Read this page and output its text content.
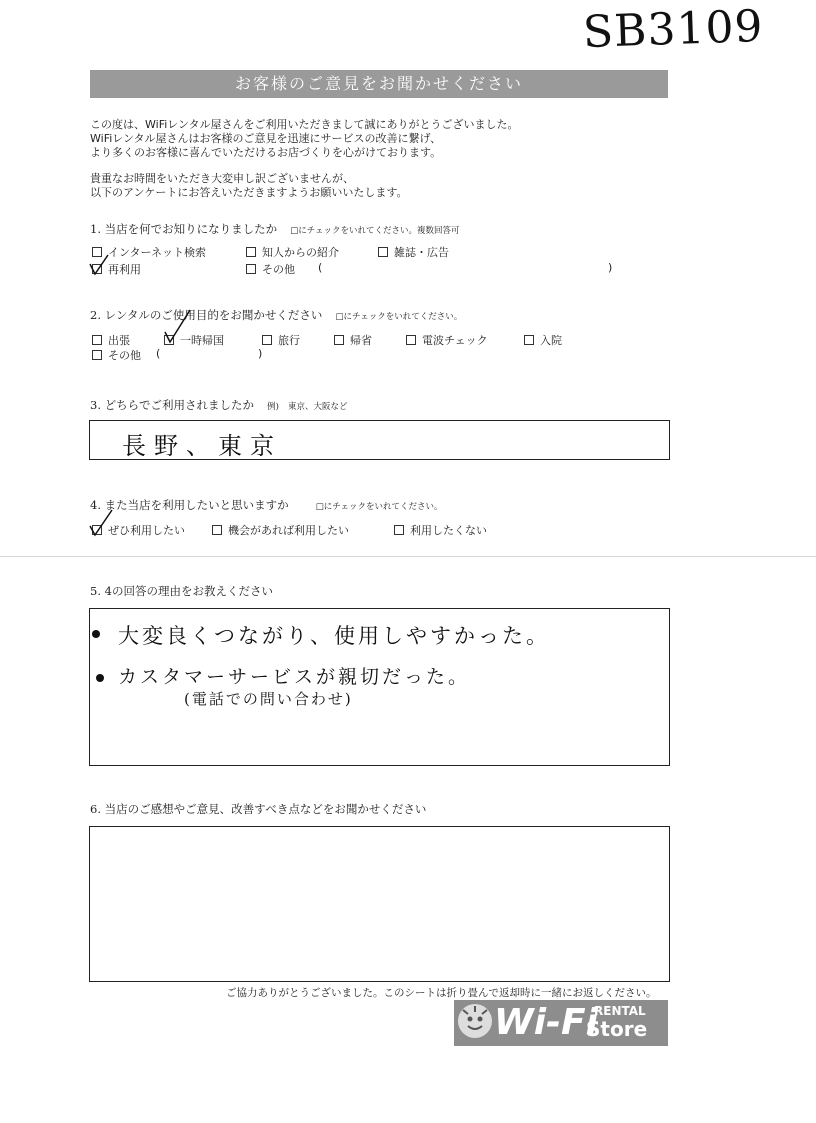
SB3109
お客様のご意見をお聞かせください
この度は、WiFiレンタル屋さんをご利用いただきまして誠にありがとうございました。
WiFiレンタル屋さんはお客様のご意見を迅速にサービスの改善に繋げ、
より多くのお客様に喜んでいただけるお店づくりを心がけております。
貴重なお時間をいただき大変申し訳ございませんが、
以下のアンケートにお答えいただきますようお願いいたします。
1. 当店を何でお知りになりましたか □にチェックをいれてください。複数回答可
インターネット検索	知人からの紹介	雑誌・広告
再利用	その他 (	)
2. レンタルのご使用目的をお聞かせください □にチェックをいれてください。
出張	一時帰国	旅行	帰省	電波チェック	入院
その他 (	)
3. どちらでご利用されましたか 例) 東京、大阪など
長野、東京
4. また当店を利用したいと思いますか	□にチェックをいれてください。
ぜひ利用したい	機会があれば利用したい	利用したくない
5. 4の回答の理由をお教えください
大変良くつながり、使用しやすかった。
カスタマーサービスが親切だった。
(電話での問い合わせ)
6. 当店のご感想やご意見、改善すべき点などをお聞かせください
ご協力ありがとうございました。このシートは折り畳んで返却時に一緒にお返しください。
Wi-Fi
RENTAL
Store
